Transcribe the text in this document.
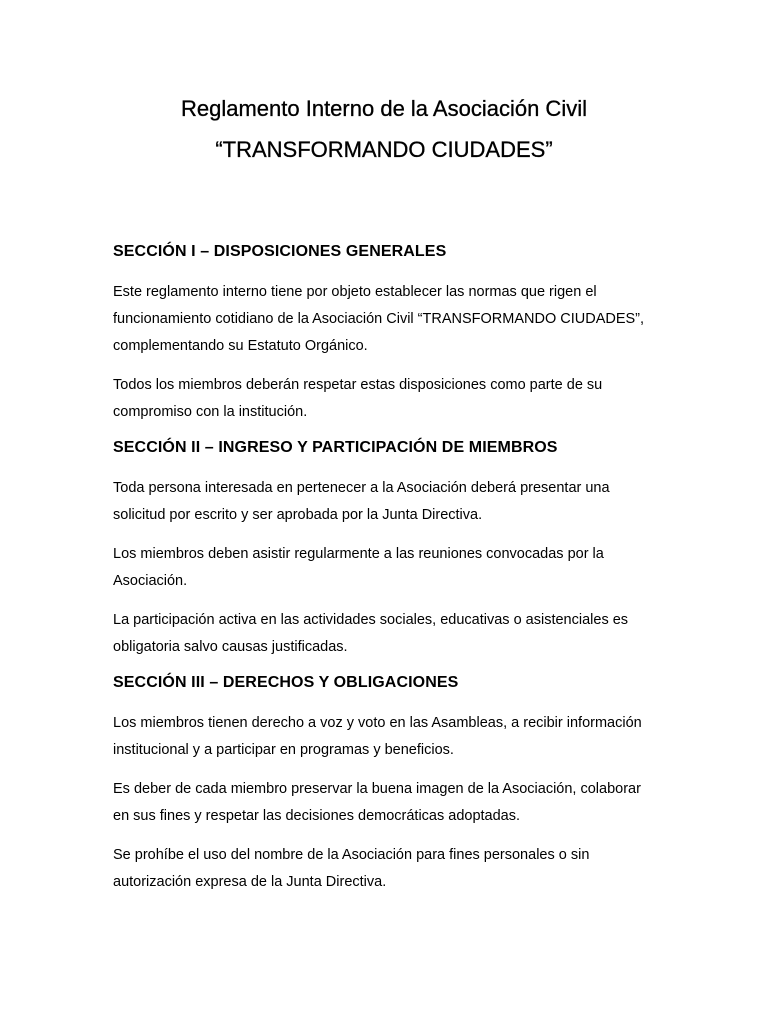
Reglamento Interno de la Asociación Civil
“TRANSFORMANDO CIUDADES”
SECCIÓN I – DISPOSICIONES GENERALES

Este reglamento interno tiene por objeto establecer las normas que rigen el funcionamiento cotidiano de la Asociación Civil “TRANSFORMANDO CIUDADES”, complementando su Estatuto Orgánico.

Todos los miembros deberán respetar estas disposiciones como parte de su compromiso con la institución.

SECCIÓN II – INGRESO Y PARTICIPACIÓN DE MIEMBROS

Toda persona interesada en pertenecer a la Asociación deberá presentar una solicitud por escrito y ser aprobada por la Junta Directiva.

Los miembros deben asistir regularmente a las reuniones convocadas por la Asociación.

La participación activa en las actividades sociales, educativas o asistenciales es obligatoria salvo causas justificadas.

SECCIÓN III – DERECHOS Y OBLIGACIONES

Los miembros tienen derecho a voz y voto en las Asambleas, a recibir información institucional y a participar en programas y beneficios.

Es deber de cada miembro preservar la buena imagen de la Asociación, colaborar en sus fines y respetar las decisiones democráticas adoptadas.

Se prohíbe el uso del nombre de la Asociación para fines personales o sin autorización expresa de la Junta Directiva.
